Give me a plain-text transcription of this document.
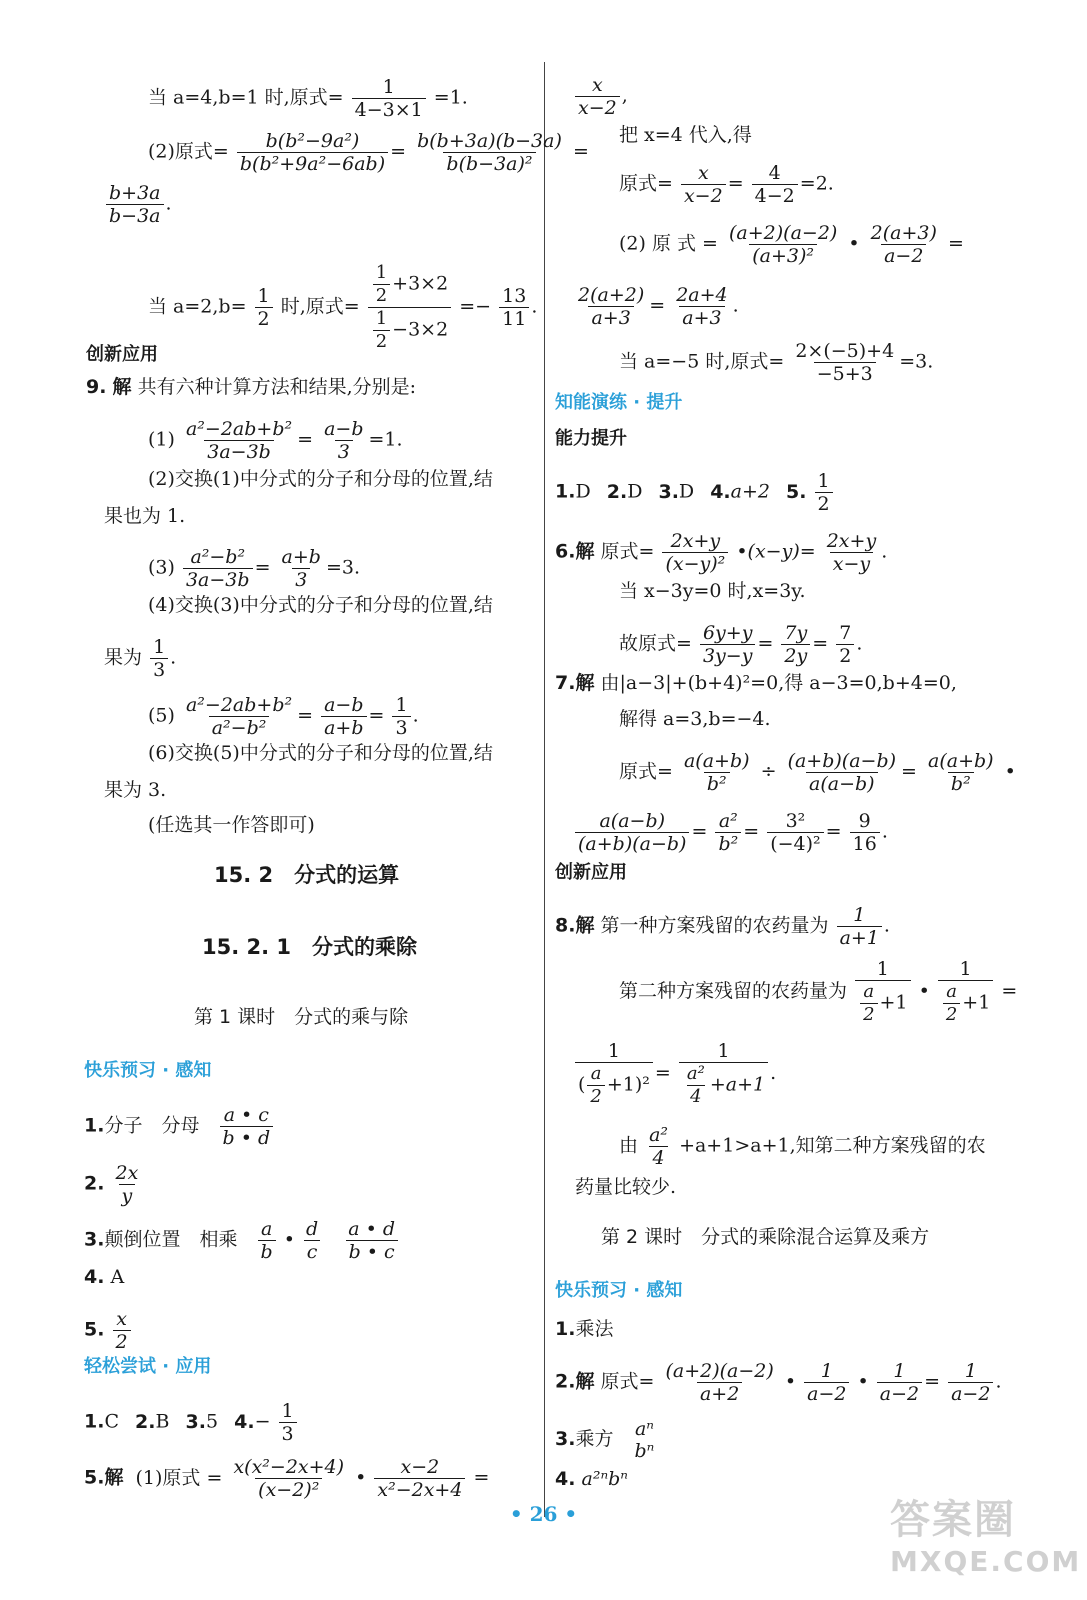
当 a=4,b=1 时,原式= $\frac{1}{4-3\times 1} =1$.
(2)原式= $\frac{\text{b(b²−9a²)}}{\text{b(b²+9a²−6ab)}} = \frac{b(b+3a)(b-3a)}{\text{b(b−3a)²}}$ =
$\frac{b+3a}{b-3a}$ .
当 $a=2,b= \frac{1}{2}$ 时,原式= $\frac{\frac{1}{2} +3\times 2}{\frac{1}{2} -3\times 2} =- \frac{13}{11}$ .
创新应用
9. 解 共有六种计算方法和结果,分别是:
$(1) \frac{\text{a²−2ab+b²}}{3a-3b} = \frac{a-b}{3} =1$.
(2)交换(1)中分式的分子和分母的位置,结
果也为 1.
$(3) \frac{\text{a²−b²}}{3a-3b} = \frac{a+b}{3} =3$.
(4)交换(3)中分式的分子和分母的位置,结
果为 $\frac{1}{3}$ .
$(5) \frac{\text{a²−2ab+b²}}{\text{a²−b²}} = \frac{a-b}{a+b} = \frac{1}{3}$ .
(6)交换(5)中分式的分子和分母的位置,结
果为 3.
(任选其一作答即可)
15. 2　分式的运算
15. 2. 1　分式的乘除
第 1 课时　分式的乘与除
快乐预习 · 感知
1.分子　分母 $\frac{a • c}{b • d}$
2. $\frac{2x}{y}$
3.颠倒位置　相乘 $\frac{a}{b}$ • $\frac{d}{c}$
$\frac{a • d}{b • c}$
4. A
5. $\frac{x}{2}$
轻松尝试 · 应用
1.C 2.B 3.5 $4.- \frac{1}{3}$
5.解 (1)原式 = $\frac{\text{x(x²−2x+4)}}{\text{(x−2)²}}$ • $\frac{x-2}{\text{x²−2x+4}}$ =
$\frac{x}{x-2}$ ,
把 x=4 代入,得
原式= $\frac{x}{x-2} = \frac{4}{4-2} =2$.
(2) 原 式 = $\frac{(a+2)(a-2)}{\text{(a+3)²}}$ • $\frac{2(a+3)}{a-2}$ =
$\frac{2(a+2)}{a+3} = \frac{2a+4}{a+3}$ .
当 a=−5 时,原式= $\frac{2\times(-5)+4}{-5+3} =3$.
知能演练 · 提升
能力提升
1.D 2.D 3.D 4.a+2 5. $\frac{1}{2}$
6.解 原式= $\frac{2x+y}{\text{(x−y)²}}$ •(x−y)= $\frac{2x+y}{x-y}$ .
当 x−3y=0 时,x=3y.
故原式= $\frac{6y+y}{3y-y} = \frac{7y}{2y} = \frac{7}{2}$ .
7.解 由|a−3|+(b+4)²=0,得 a−3=0,b+4=0,
解得 a=3,b=−4.
原式= $\frac{a(a+b)}{\text{b²}} \div \frac{(a+b)(a-b)}{a(a-b)} = \frac{a(a+b)}{\text{b²}}$ •
$\frac{a(a-b)}{(a+b)(a-b)} = \frac{\text{a²}}{\text{b²}} = \frac{\text{3²}}{\text{(−4)²}} = \frac{9}{16}$ .
创新应用
8.解 第一种方案残留的农药量为 $\frac{1}{a+1}$ .
第二种方案残留的农药量为 $\frac{1}{\frac{a}{2} +1}$ • $\frac{1}{\frac{a}{2} +1}$ =
$\frac{1}{( \frac{a}{2} +1)^2} = \frac{1}{\frac{\text{a²}}{4} +a+1}$ .
由 $\frac{\text{a²}}{4} +a+1>a+1$,知第二种方案残留的农
药量比较少.
第 2 课时　分式的乘除混合运算及乘方
快乐预习 · 感知
1.乘法
2.解 原式= $\frac{(a+2)(a-2)}{a+2}$ • $\frac{1}{a-2}$ • $\frac{1}{a-2} = \frac{1}{a-2}$ .
3.乘方 aⁿ
bⁿ
4. a²ⁿbⁿ
• 26 •	答案圈
MXQE.COM
